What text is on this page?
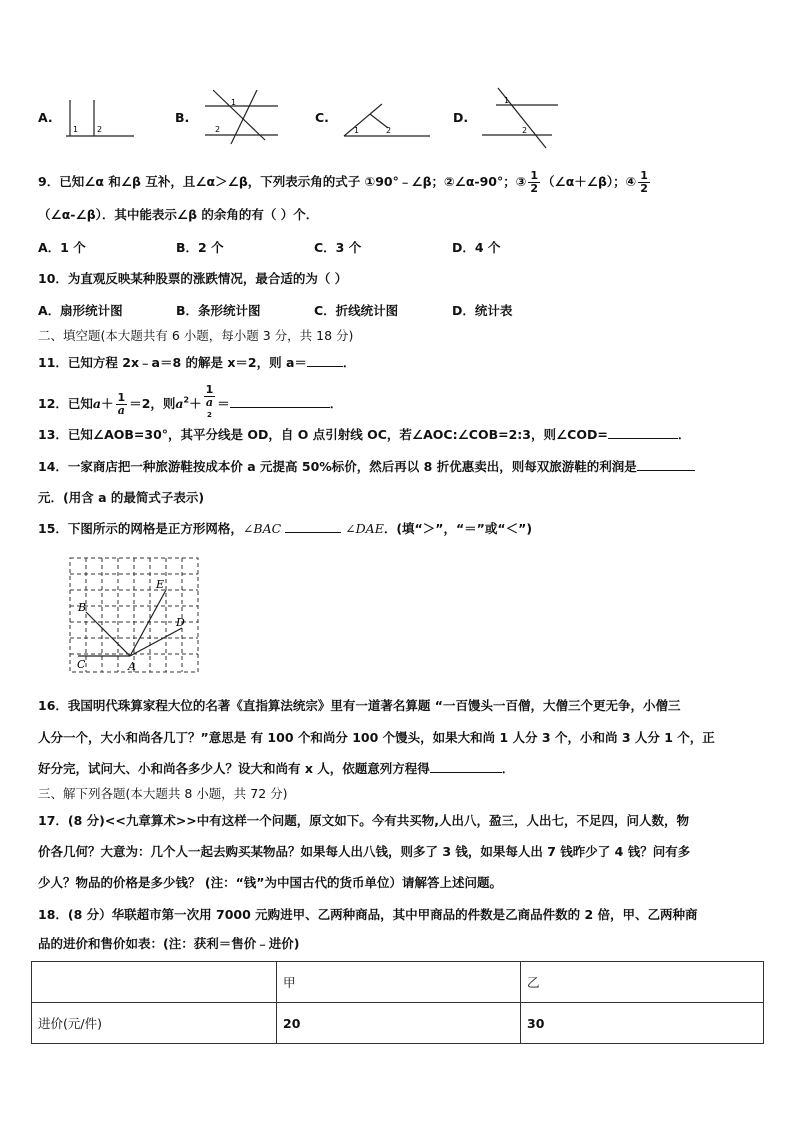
A.
1 2
B.
1
2
C.
1	2
D.
1
2
9．已知∠α 和∠β 互补，且∠α＞∠β，下列表示角的式子 ①90°﹣∠β；②∠α-90°；③ $\frac{1}{2}$ （∠α＋∠β）；④ $\frac{1}{2}$
（∠α-∠β）．其中能表示∠β 的余角的有（ ）个．
A．1 个	B．2 个	C．3 个	D．4 个
10．为直观反映某种股票的涨跌情况，最合适的为（ ）
A．扇形统计图	B．条形统计图	C．折线统计图	D．统计表
二、填空题(本大题共有 6 小题，每小题 3 分，共 18 分)
11．已知方程 2x﹣a＝8 的解是 x＝2，则 a＝	．
12．已知$a+ \frac{1}{a} =2$，则$a^2+ 1$
a
$^2$ ＝	．
13．已知∠AOB=30°，其平分线是 OD，自 O 点引射线 OC，若∠AOC:∠COB=2:3，则∠COD=	．
14．一家商店把一种旅游鞋按成本价 a 元提高 50%标价，然后再以 8 折优惠卖出，则每双旅游鞋的利润是
元．(用含 a 的最简式子表示)
15．下图所示的网格是正方形网格，∠BAC	∠DAE．(填“＞”，“＝”或“＜”)
B
E
D
C	A
16．我国明代珠算家程大位的名著《直指算法统宗》里有一道著名算题 “一百馒头一百僧，大僧三个更无争，小僧三
人分一个，大小和尚各几丁？”意思是 有 100 个和尚分 100 个馒头，如果大和尚 1 人分 3 个，小和尚 3 人分 1 个，正
好分完，试问大、小和尚各多少人？设大和尚有 x 人，依题意列方程得	．
三、解下列各题(本大题共 8 小题，共 72 分)
17．(8 分)<<九章算术>>中有这样一个问题，原文如下。今有共买物,人出八，盈三，人出七，不足四，问人数，物
价各几何？大意为：几个人一起去购买某物品？如果每人出八钱，则多了 3 钱，如果每人出 7 钱昨少了 4 钱？问有多
少人？物品的价格是多少钱？ (注：“钱”为中国古代的货币单位）请解答上述问题。
18．(8 分）华联超市第一次用 7000 元购进甲、乙两种商品，其中甲商品的件数是乙商品件数的 2 倍，甲、乙两种商
品的进价和售价如表：(注：获利＝售价﹣进价)
	甲	乙
进价(元/件)	20	30
